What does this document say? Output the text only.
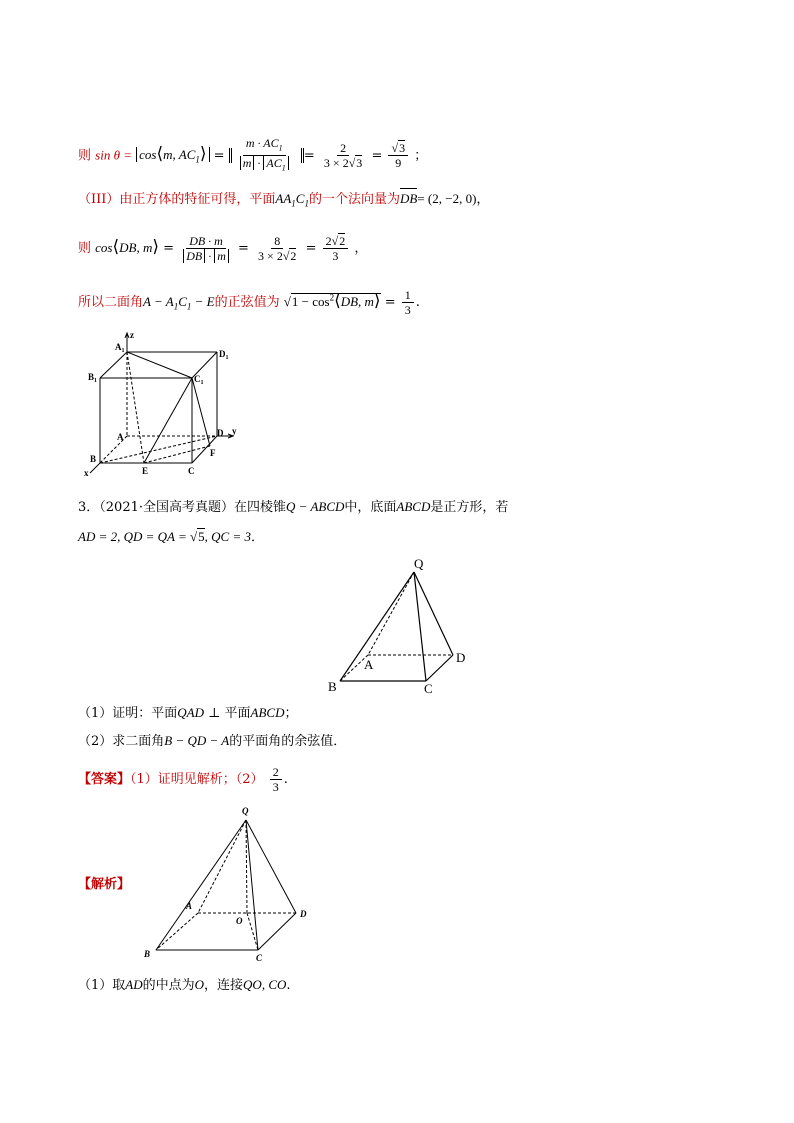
则 sin θ = cos⟨m, $AC_1⟩ = \frac{m \cdot AC_1}{m \cdot AC_1} = \frac{2}{3 \times 2√3} = \frac{√3}{9}$ ；
（III）由正方体的特征可得，平面$AA_1C_1$的一个法向量为DB= (2, −2, 0)，
则 cos⟨DB, m⟩ = $\frac{DB \cdot m}{DB \cdot m} = \frac{8}{3 \times 2√2} = \frac{2√2}{3}$ ，
所以二面角$A - A_1C_1 - E$的正弦值为 $√1 - \cos^2⟨DB$, m⟩ = $\frac{1}{3}$ .
z
$A_1$	$D_1$
$B_1$	$C_1$
A	D y
F
B
E	C
x
3．（2021·全国高考真题）在四棱锥Q − ABCD中，底面ABCD是正方形，若
AD = 2, QD = QA = √5, QC = 3．
Q
A	D
B	C
（1）证明：平面QAD ⊥ 平面ABCD；
（2）求二面角B − QD − A的平面角的余弦值．
【答案】（1）证明见解析；$(2) \frac{2}{3}$ .
Q
A
O
D
B	C
【解析】
（1）取AD的中点为O，连接QO, CO.
